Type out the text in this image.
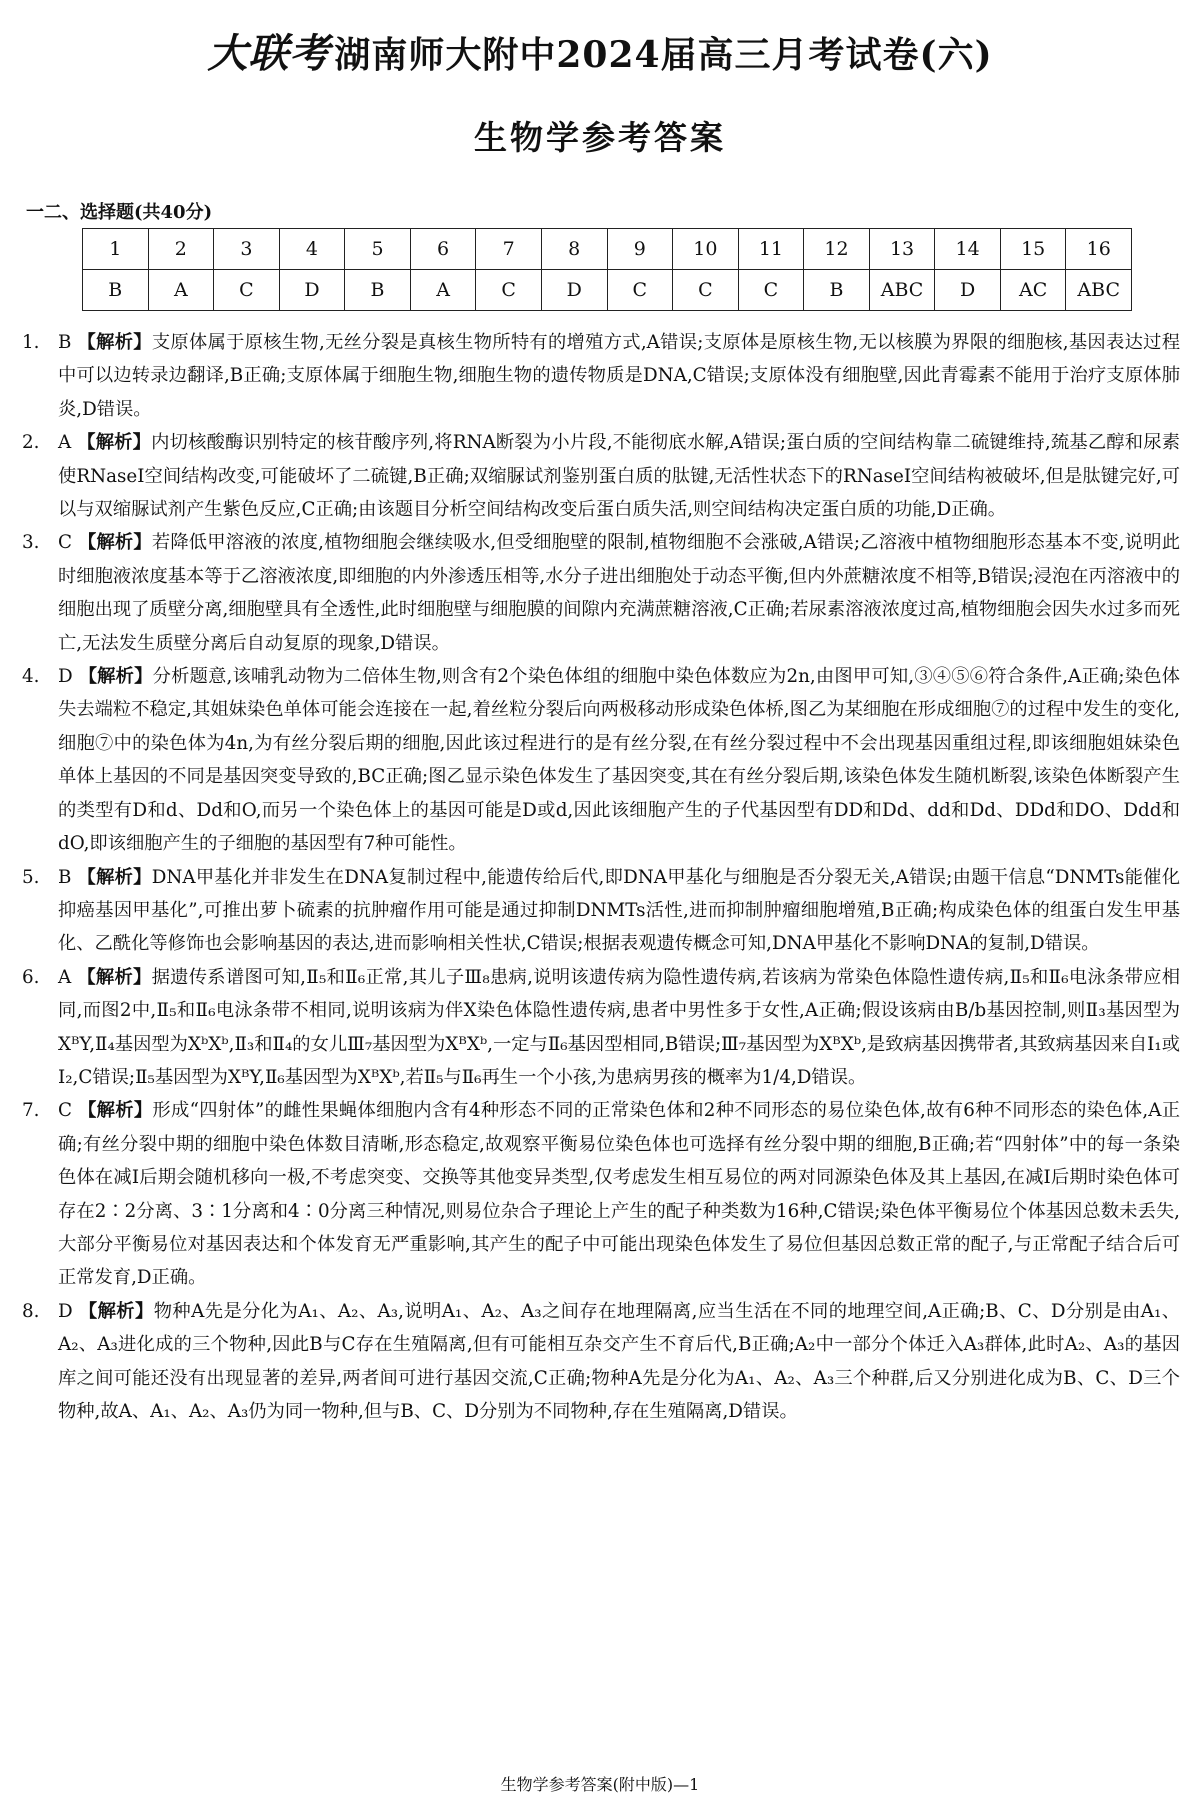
大联考 湖南师大附中2024届高三月考试卷(六)
生物学参考答案
一二、选择题(共40分)
1	2	3	4	5	6	7	8	9	10	11	12	13	14	15	16
B	A	C	D	B	A	C	D	C	C	C	B	ABC	D	AC	ABC

1. B 【解析】支原体属于原核生物,无丝分裂是真核生物所特有的增殖方式,A错误;支原体是原核生物,无以核膜为界限的细胞核,基因表达过程中可以边转录边翻译,B正确;支原体属于细胞生物,细胞生物的遗传物质是DNA,C错误;支原体没有细胞壁,因此青霉素不能用于治疗支原体肺炎,D错误。

2. A 【解析】内切核酸酶识别特定的核苷酸序列,将RNA断裂为小片段,不能彻底水解,A错误;蛋白质的空间结构靠二硫键维持,巯基乙醇和尿素使RNaseI空间结构改变,可能破坏了二硫键,B正确;双缩脲试剂鉴别蛋白质的肽键,无活性状态下的RNaseI空间结构被破坏,但是肽键完好,可以与双缩脲试剂产生紫色反应,C正确;由该题目分析空间结构改变后蛋白质失活,则空间结构决定蛋白质的功能,D正确。

3. C 【解析】若降低甲溶液的浓度,植物细胞会继续吸水,但受细胞壁的限制,植物细胞不会涨破,A错误;乙溶液中植物细胞形态基本不变,说明此时细胞液浓度基本等于乙溶液浓度,即细胞的内外渗透压相等,水分子进出细胞处于动态平衡,但内外蔗糖浓度不相等,B错误;浸泡在丙溶液中的细胞出现了质壁分离,细胞壁具有全透性,此时细胞壁与细胞膜的间隙内充满蔗糖溶液,C正确;若尿素溶液浓度过高,植物细胞会因失水过多而死亡,无法发生质壁分离后自动复原的现象,D错误。

4. D 【解析】分析题意,该哺乳动物为二倍体生物,则含有2个染色体组的细胞中染色体数应为2n,由图甲可知,③④⑤⑥符合条件,A正确;染色体失去端粒不稳定,其姐妹染色单体可能会连接在一起,着丝粒分裂后向两极移动形成染色体桥,图乙为某细胞在形成细胞⑦的过程中发生的变化,细胞⑦中的染色体为4n,为有丝分裂后期的细胞,因此该过程进行的是有丝分裂,在有丝分裂过程中不会出现基因重组过程,即该细胞姐妹染色单体上基因的不同是基因突变导致的,BC正确;图乙显示染色体发生了基因突变,其在有丝分裂后期,该染色体发生随机断裂,该染色体断裂产生的类型有D和d、Dd和O,而另一个染色体上的基因可能是D或d,因此该细胞产生的子代基因型有DD和Dd、dd和Dd、DDd和DO、Ddd和dO,即该细胞产生的子细胞的基因型有7种可能性。

5. B 【解析】DNA甲基化并非发生在DNA复制过程中,能遗传给后代,即DNA甲基化与细胞是否分裂无关,A错误;由题干信息“DNMTs能催化抑癌基因甲基化”,可推出萝卜硫素的抗肿瘤作用可能是通过抑制DNMTs活性,进而抑制肿瘤细胞增殖,B正确;构成染色体的组蛋白发生甲基化、乙酰化等修饰也会影响基因的表达,进而影响相关性状,C错误;根据表观遗传概念可知,DNA甲基化不影响DNA的复制,D错误。

6. A 【解析】据遗传系谱图可知,Ⅱ₅和Ⅱ₆正常,其儿子Ⅲ₈患病,说明该遗传病为隐性遗传病,若该病为常染色体隐性遗传病,Ⅱ₅和Ⅱ₆电泳条带应相同,而图2中,Ⅱ₅和Ⅱ₆电泳条带不相同,说明该病为伴X染色体隐性遗传病,患者中男性多于女性,A正确;假设该病由B/b基因控制,则Ⅱ₃基因型为XᴮY,Ⅱ₄基因型为XᵇXᵇ,Ⅱ₃和Ⅱ₄的女儿Ⅲ₇基因型为XᴮXᵇ,一定与Ⅱ₆基因型相同,B错误;Ⅲ₇基因型为XᴮXᵇ,是致病基因携带者,其致病基因来自Ⅰ₁或Ⅰ₂,C错误;Ⅱ₅基因型为XᴮY,Ⅱ₆基因型为XᴮXᵇ,若Ⅱ₅与Ⅱ₆再生一个小孩,为患病男孩的概率为1/4,D错误。

7. C 【解析】形成“四射体”的雌性果蝇体细胞内含有4种形态不同的正常染色体和2种不同形态的易位染色体,故有6种不同形态的染色体,A正确;有丝分裂中期的细胞中染色体数目清晰,形态稳定,故观察平衡易位染色体也可选择有丝分裂中期的细胞,B正确;若“四射体”中的每一条染色体在减Ⅰ后期会随机移向一极,不考虑突变、交换等其他变异类型,仅考虑发生相互易位的两对同源染色体及其上基因,在减Ⅰ后期时染色体可存在2∶2分离、3∶1分离和4∶0分离三种情况,则易位杂合子理论上产生的配子种类数为16种,C错误;染色体平衡易位个体基因总数未丢失,大部分平衡易位对基因表达和个体发育无严重影响,其产生的配子中可能出现染色体发生了易位但基因总数正常的配子,与正常配子结合后可正常发育,D正确。

8. D 【解析】物种A先是分化为A₁、A₂、A₃,说明A₁、A₂、A₃之间存在地理隔离,应当生活在不同的地理空间,A正确;B、C、D分别是由A₁、A₂、A₃进化成的三个物种,因此B与C存在生殖隔离,但有可能相互杂交产生不育后代,B正确;A₂中一部分个体迁入A₃群体,此时A₂、A₃的基因库之间可能还没有出现显著的差异,两者间可进行基因交流,C正确;物种A先是分化为A₁、A₂、A₃三个种群,后又分别进化成为B、C、D三个物种,故A、A₁、A₂、A₃仍为同一物种,但与B、C、D分别为不同物种,存在生殖隔离,D错误。

生物学参考答案(附中版)—1
